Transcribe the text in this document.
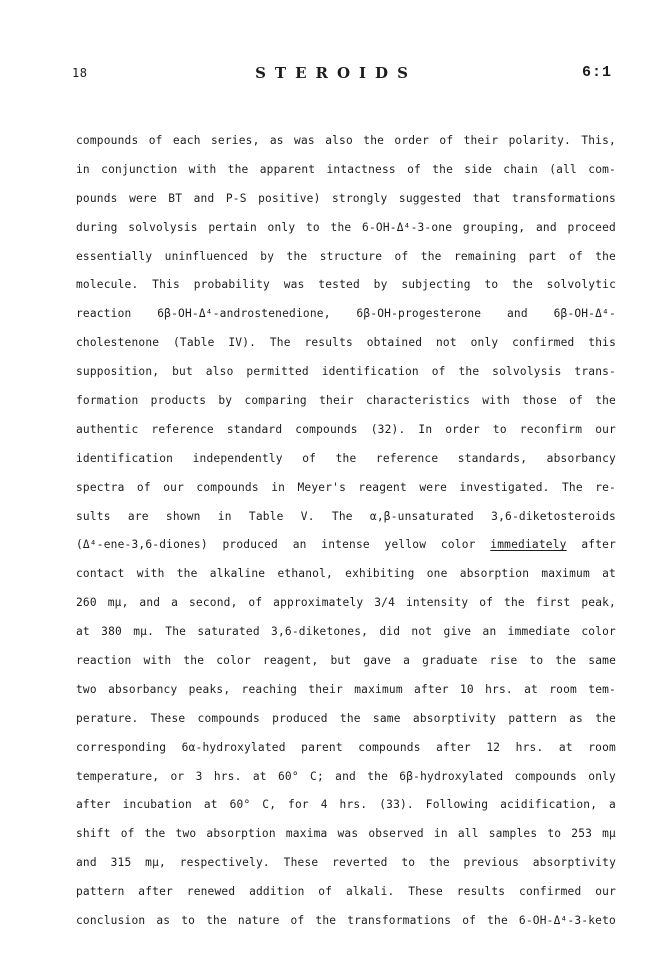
18	STEROIDS	6:1
compounds of each series, as was also the order of their polarity. This,
in conjunction with the apparent intactness of the side chain (all com-
pounds were BT and P-S positive) strongly suggested that transformations
during solvolysis pertain only to the 6-OH-Δ⁴-3-one grouping, and proceed
essentially uninfluenced by the structure of the remaining part of the
molecule. This probability was tested by subjecting to the solvolytic
reaction 6β-OH-Δ⁴-androstenedione, 6β-OH-progesterone and 6β-OH-Δ⁴-
cholestenone (Table IV). The results obtained not only confirmed this
supposition, but also permitted identification of the solvolysis trans-
formation products by comparing their characteristics with those of the
authentic reference standard compounds (32). In order to reconfirm our
identification independently of the reference standards, absorbancy
spectra of our compounds in Meyer's reagent were investigated. The re-
sults are shown in Table V. The α,β-unsaturated 3,6-diketosteroids
(Δ⁴-ene-3,6-diones) produced an intense yellow color immediately after
contact with the alkaline ethanol, exhibiting one absorption maximum at
260 mμ, and a second, of approximately 3/4 intensity of the first peak,
at 380 mμ. The saturated 3,6-diketones, did not give an immediate color
reaction with the color reagent, but gave a graduate rise to the same
two absorbancy peaks, reaching their maximum after 10 hrs. at room tem-
perature. These compounds produced the same absorptivity pattern as the
corresponding 6α-hydroxylated parent compounds after 12 hrs. at room
temperature, or 3 hrs. at 60° C; and the 6β-hydroxylated compounds only
after incubation at 60° C, for 4 hrs. (33). Following acidification, a
shift of the two absorption maxima was observed in all samples to 253 mμ
and 315 mμ, respectively. These reverted to the previous absorptivity
pattern after renewed addition of alkali. These results confirmed our
conclusion as to the nature of the transformations of the 6-OH-Δ⁴-3-keto
